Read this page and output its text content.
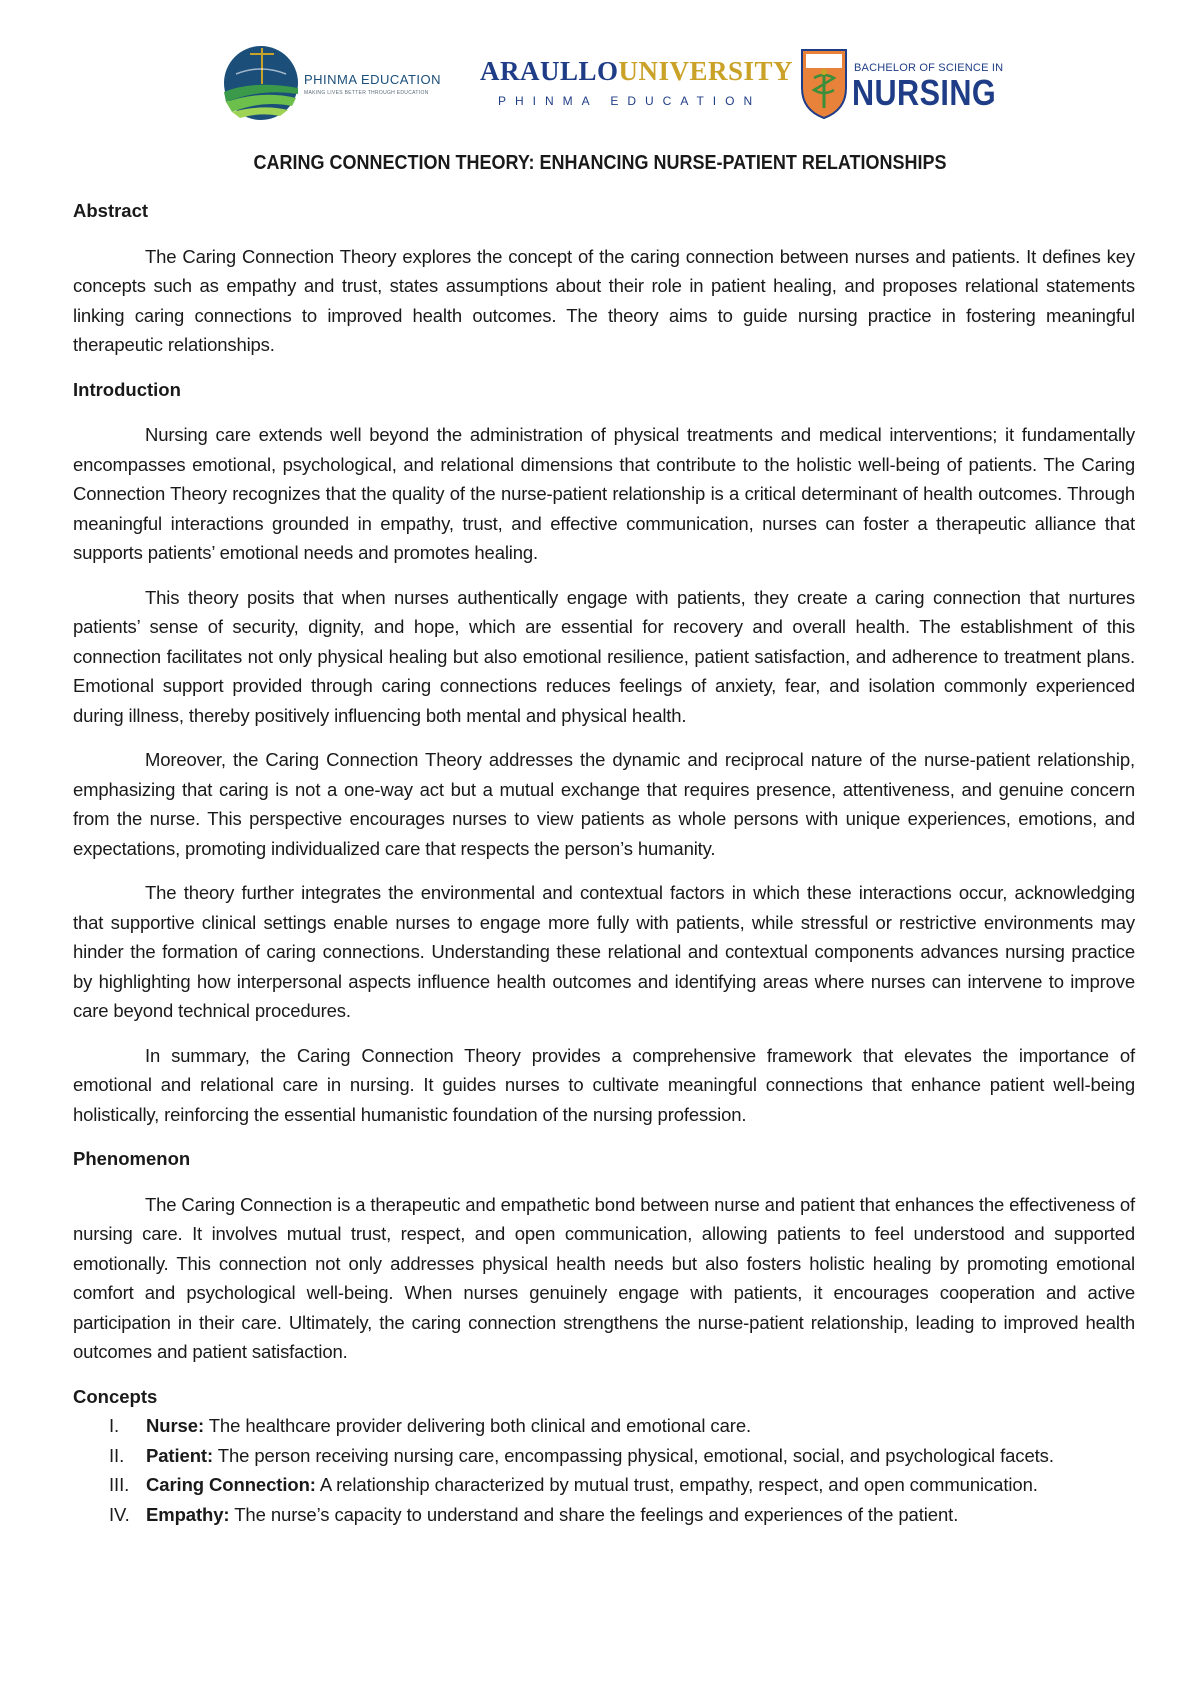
PHINMA EDUCATION
MAKING LIVES BETTER THROUGH EDUCATION
ARAULLOUNIVERSITY
PHINMA EDUCATION
BACHELOR OF SCIENCE IN
NURSING
CARING CONNECTION THEORY: ENHANCING NURSE-PATIENT RELATIONSHIPS
Abstract

The Caring Connection Theory explores the concept of the caring connection between nurses and patients. It defines key concepts such as empathy and trust, states assumptions about their role in patient healing, and proposes relational statements linking caring connections to improved health outcomes. The theory aims to guide nursing practice in fostering meaningful therapeutic relationships.

Introduction

Nursing care extends well beyond the administration of physical treatments and medical interventions; it fundamentally encompasses emotional, psychological, and relational dimensions that contribute to the holistic well-being of patients. The Caring Connection Theory recognizes that the quality of the nurse-patient relationship is a critical determinant of health outcomes. Through meaningful interactions grounded in empathy, trust, and effective communication, nurses can foster a therapeutic alliance that supports patients’ emotional needs and promotes healing.

This theory posits that when nurses authentically engage with patients, they create a caring connection that nurtures patients’ sense of security, dignity, and hope, which are essential for recovery and overall health. The establishment of this connection facilitates not only physical healing but also emotional resilience, patient satisfaction, and adherence to treatment plans. Emotional support provided through caring connections reduces feelings of anxiety, fear, and isolation commonly experienced during illness, thereby positively influencing both mental and physical health.

Moreover, the Caring Connection Theory addresses the dynamic and reciprocal nature of the nurse-patient relationship, emphasizing that caring is not a one-way act but a mutual exchange that requires presence, attentiveness, and genuine concern from the nurse. This perspective encourages nurses to view patients as whole persons with unique experiences, emotions, and expectations, promoting individualized care that respects the person’s humanity.

The theory further integrates the environmental and contextual factors in which these interactions occur, acknowledging that supportive clinical settings enable nurses to engage more fully with patients, while stressful or restrictive environments may hinder the formation of caring connections. Understanding these relational and contextual components advances nursing practice by highlighting how interpersonal aspects influence health outcomes and identifying areas where nurses can intervene to improve care beyond technical procedures.

In summary, the Caring Connection Theory provides a comprehensive framework that elevates the importance of emotional and relational care in nursing. It guides nurses to cultivate meaningful connections that enhance patient well-being holistically, reinforcing the essential humanistic foundation of the nursing profession.

Phenomenon

The Caring Connection is a therapeutic and empathetic bond between nurse and patient that enhances the effectiveness of nursing care. It involves mutual trust, respect, and open communication, allowing patients to feel understood and supported emotionally. This connection not only addresses physical health needs but also fosters holistic healing by promoting emotional comfort and psychological well-being. When nurses genuinely engage with patients, it encourages cooperation and active participation in their care. Ultimately, the caring connection strengthens the nurse-patient relationship, leading to improved health outcomes and patient satisfaction.

Concepts
I.	Nurse: The healthcare provider delivering both clinical and emotional care.
II.	Patient: The person receiving nursing care, encompassing physical, emotional, social, and psychological facets.
III. Caring Connection: A relationship characterized by mutual trust, empathy, respect, and open communication.
IV. Empathy: The nurse’s capacity to understand and share the feelings and experiences of the patient.
